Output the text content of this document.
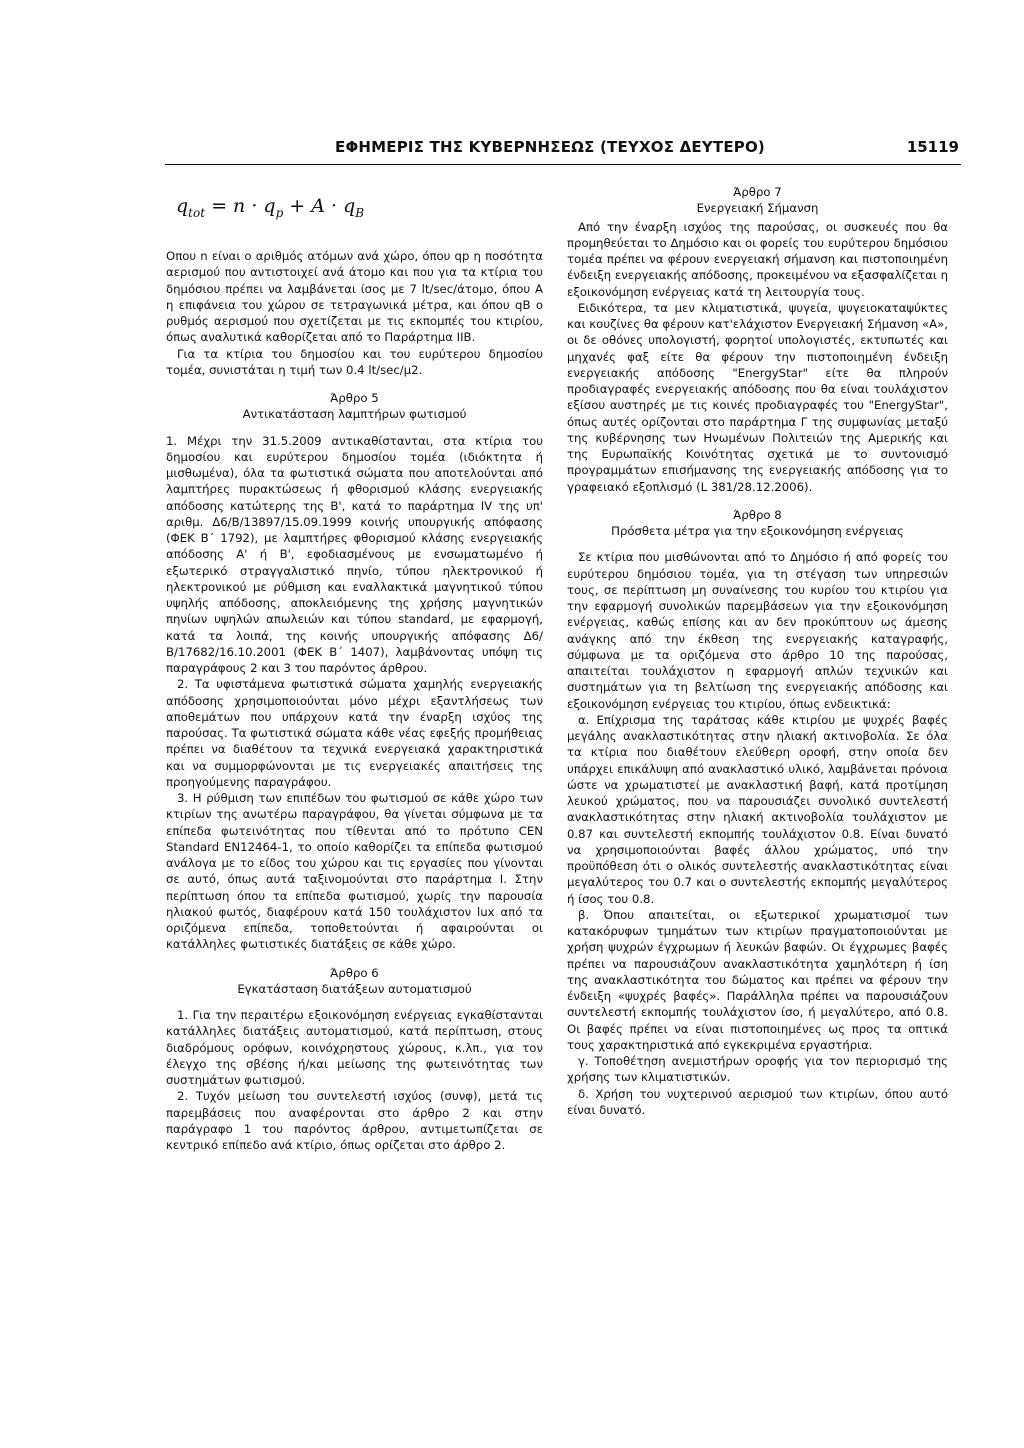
ΕΦΗΜΕΡΙΣ ΤΗΣ ΚΥΒΕΡΝΗΣΕΩΣ (ΤΕΥΧΟΣ ΔΕΥΤΕΡΟ)	15119
$q_{tot} = n \cdot q_p + A \cdot q_B$

Οπου n είναι ο αριθμός ατόμων ανά χώρο, όπου qp η ποσότητα αερισμού που αντιστοιχεί ανά άτομο και που για τα κτίρια του δημόσιου πρέπει να λαμβάνεται ίσος με 7 lt/sec/άτομο, όπου A η επιφάνεια του χώρου σε τετραγωνικά μέτρα, και όπου qB ο ρυθμός αερισμού που σχετίζεται με τις εκπομπές του κτιρίου, όπως αναλυτικά καθορίζεται από το Παράρτημα IIB.

Για τα κτίρια του δημοσίου και του ευρύτερου δημοσίου τομέα, συνιστάται η τιμή των 0.4 lt/sec/μ2.

Άρθρο 5
Αντικατάσταση λαμπτήρων φωτισμού

1. Μέχρι την 31.5.2009 αντικαθίστανται, στα κτίρια του δημοσίου και ευρύτερου δημοσίου τομέα (ιδιόκτητα ή μισθωμένα), όλα τα φωτιστικά σώματα που αποτελούνται από λαμπτήρες πυρακτώσεως ή φθορισμού κλάσης ενεργειακής απόδοσης κατώτερης της Β', κατά το παράρτημα IV της υπ' αριθμ. Δ6/Β/13897/15.09.1999 κοινής υπουργικής απόφασης (ΦΕΚ Β΄ 1792), με λαμπτήρες φθορισμού κλάσης ενεργειακής απόδοσης Α' ή Β', εφοδιασμένους με ενσωματωμένο ή εξωτερικό στραγγαλιστικό πηνίο, τύπου ηλεκτρονικού ή ηλεκτρονικού με ρύθμιση και εναλλακτικά μαγνητικού τύπου υψηλής απόδοσης, αποκλειόμενης της χρήσης μαγνητικών πηνίων υψηλών απωλειών και τύπου standard, με εφαρμογή, κατά τα λοιπά, της κοινής υπουργικής απόφασης Δ6/Β/17682/16.10.2001 (ΦΕΚ Β΄ 1407), λαμβάνοντας υπόψη τις παραγράφους 2 και 3 του παρόντος άρθρου.

2. Τα υφιστάμενα φωτιστικά σώματα χαμηλής ενεργειακής απόδοσης χρησιμοποιούνται μόνο μέχρι εξαντλήσεως των αποθεμάτων που υπάρχουν κατά την έναρξη ισχύος της παρούσας. Τα φωτιστικά σώματα κάθε νέας εφεξής προμήθειας πρέπει να διαθέτουν τα τεχνικά ενεργειακά χαρακτηριστικά και να συμμορφώνονται με τις ενεργειακές απαιτήσεις της προηγούμενης παραγράφου.

3. Η ρύθμιση των επιπέδων του φωτισμού σε κάθε χώρο των κτιρίων της ανωτέρω παραγράφου, θα γίνεται σύμφωνα με τα επίπεδα φωτεινότητας που τίθενται από το πρότυπο CEN Standard EN12464-1, το οποίο καθορίζει τα επίπεδα φωτισμού ανάλογα με το είδος του χώρου και τις εργασίες που γίνονται σε αυτό, όπως αυτά ταξινομούνται στο παράρτημα I. Στην περίπτωση όπου τα επίπεδα φωτισμού, χωρίς την παρουσία ηλιακού φωτός, διαφέρουν κατά 150 τουλάχιστον lux από τα οριζόμενα επίπεδα, τοποθετούνται ή αφαιρούνται οι κατάλληλες φωτιστικές διατάξεις σε κάθε χώρο.

Άρθρο 6
Εγκατάσταση διατάξεων αυτοματισμού

1. Για την περαιτέρω εξοικονόμηση ενέργειας εγκαθίστανται κατάλληλες διατάξεις αυτοματισμού, κατά περίπτωση, στους διαδρόμους ορόφων, κοινόχρηστους χώρους, κ.λπ., για τον έλεγχο της σβέσης ή/και μείωσης της φωτεινότητας των συστημάτων φωτισμού.

2. Τυχόν μείωση του συντελεστή ισχύος (συνφ), μετά τις παρεμβάσεις που αναφέρονται στο άρθρο 2 και στην παράγραφο 1 του παρόντος άρθρου, αντιμετωπίζεται σε κεντρικό επίπεδο ανά κτίριο, όπως ορίζεται στο άρθρο 2.

Άρθρο 7
Ενεργειακή Σήμανση

Από την έναρξη ισχύος της παρούσας, οι συσκευές που θα προμηθεύεται το Δημόσιο και οι φορείς του ευρύτερου δημόσιου τομέα πρέπει να φέρουν ενεργειακή σήμανση και πιστοποιημένη ένδειξη ενεργειακής απόδοσης, προκειμένου να εξασφαλίζεται η εξοικονόμηση ενέργειας κατά τη λειτουργία τους.

Ειδικότερα, τα μεν κλιματιστικά, ψυγεία, ψυγειοκαταψύκτες και κουζίνες θα φέρουν κατ'ελάχιστον Ενεργειακή Σήμανση «Α», οι δε οθόνες υπολογιστή, φορητοί υπολογιστές, εκτυπωτές και μηχανές φαξ είτε θα φέρουν την πιστοποιημένη ένδειξη ενεργειακής απόδοσης "EnergyStar" είτε θα πληρούν προδιαγραφές ενεργειακής απόδοσης που θα είναι τουλάχιστον εξίσου αυστηρές με τις κοινές προδιαγραφές του "EnergyStar", όπως αυτές ορίζονται στο παράρτημα Γ της συμφωνίας μεταξύ της κυβέρνησης των Ηνωμένων Πολιτειών της Αμερικής και της Ευρωπαϊκής Κοινότητας σχετικά με το συντονισμό προγραμμάτων επισήμανσης της ενεργειακής απόδοσης για το γραφειακό εξοπλισμό (L 381/28.12.2006).

Άρθρο 8
Πρόσθετα μέτρα για την εξοικονόμηση ενέργειας

Σε κτίρια που μισθώνονται από το Δημόσιο ή από φορείς του ευρύτερου δημόσιου τομέα, για τη στέγαση των υπηρεσιών τους, σε περίπτωση μη συναίνεσης του κυρίου του κτιρίου για την εφαρμογή συνολικών παρεμβάσεων για την εξοικονόμηση ενέργειας, καθώς επίσης και αν δεν προκύπτουν ως άμεσης ανάγκης από την έκθεση της ενεργειακής καταγραφής, σύμφωνα με τα οριζόμενα στο άρθρο 10 της παρούσας, απαιτείται τουλάχιστον η εφαρμογή απλών τεχνικών και συστημάτων για τη βελτίωση της ενεργειακής απόδοσης και εξοικονόμηση ενέργειας του κτιρίου, όπως ενδεικτικά:

α. Επίχρισμα της ταράτσας κάθε κτιρίου με ψυχρές βαφές μεγάλης ανακλαστικότητας στην ηλιακή ακτινοβολία. Σε όλα τα κτίρια που διαθέτουν ελεύθερη οροφή, στην οποία δεν υπάρχει επικάλυψη από ανακλαστικό υλικό, λαμβάνεται πρόνοια ώστε να χρωματιστεί με ανακλαστική βαφή, κατά προτίμηση λευκού χρώματος, που να παρουσιάζει συνολικό συντελεστή ανακλαστικότητας στην ηλιακή ακτινοβολία τουλάχιστον με 0.87 και συντελεστή εκπομπής τουλάχιστον 0.8. Είναι δυνατό να χρησιμοποιούνται βαφές άλλου χρώματος, υπό την προϋπόθεση ότι ο ολικός συντελεστής ανακλαστικότητας είναι μεγαλύτερος του 0.7 και ο συντελεστής εκπομπής μεγαλύτερος ή ίσος του 0.8.

β. Όπου απαιτείται, οι εξωτερικοί χρωματισμοί των κατακόρυφων τμημάτων των κτιρίων πραγματοποιούνται με χρήση ψυχρών έγχρωμων ή λευκών βαφών. Οι έγχρωμες βαφές πρέπει να παρουσιάζουν ανακλαστικότητα χαμηλότερη ή ίση της ανακλαστικότητα του δώματος και πρέπει να φέρουν την ένδειξη «ψυχρές βαφές». Παράλληλα πρέπει να παρουσιάζουν συντελεστή εκπομπής τουλάχιστον ίσο, ή μεγαλύτερο, από 0.8. Οι βαφές πρέπει να είναι πιστοποιημένες ως προς τα οπτικά τους χαρακτηριστικά από εγκεκριμένα εργαστήρια.

γ. Τοποθέτηση ανεμιστήρων οροφής για τον περιορισμό της χρήσης των κλιματιστικών.

δ. Χρήση του νυχτερινού αερισμού των κτιρίων, όπου αυτό είναι δυνατό.
